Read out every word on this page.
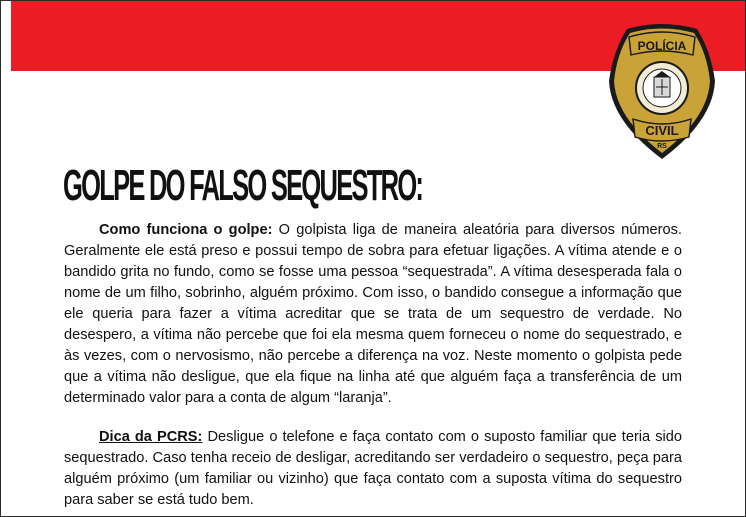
POLÍCIA
CIVIL
RS
GOLPE DO FALSO SEQUESTRO:

Como funciona o golpe: O golpista liga de maneira aleatória para diversos números. Geralmente ele está preso e possui tempo de sobra para efetuar ligações. A vítima atende e o bandido grita no fundo, como se fosse uma pessoa “sequestrada”. A vítima desesperada fala o nome de um filho, sobrinho, alguém próximo. Com isso, o bandido consegue a informação que ele queria para fazer a vítima acreditar que se trata de um sequestro de verdade. No desespero, a vítima não percebe que foi ela mesma quem forneceu o nome do sequestrado, e às vezes, com o nervosismo, não percebe a diferença na voz. Neste momento o golpista pede que a vítima não desligue, que ela fique na linha até que alguém faça a transferência de um determinado valor para a conta de algum “laranja”.

Dica da PCRS: Desligue o telefone e faça contato com o suposto familiar que teria sido sequestrado. Caso tenha receio de desligar, acreditando ser verdadeiro o sequestro, peça para alguém próximo (um familiar ou vizinho) que faça contato com a suposta vítima do sequestro para saber se está tudo bem.
